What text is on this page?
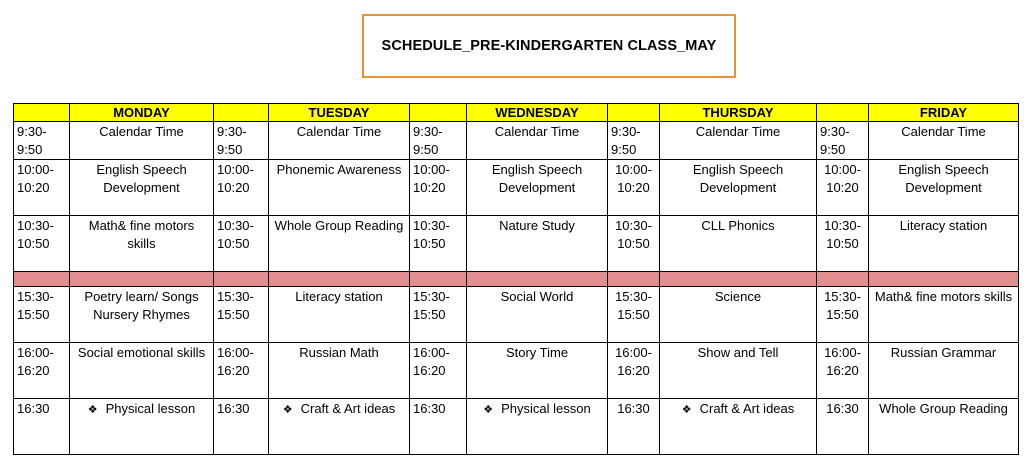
SCHEDULE_PRE-KINDERGARTEN CLASS_MAY
	MONDAY		TUESDAY		WEDNESDAY		THURSDAY		FRIDAY
9:30-9:50	Calendar Time	9:30-9:50	Calendar Time	9:30-9:50	Calendar Time	9:30-9:50	Calendar Time	9:30-9:50	Calendar Time
10:00-10:20	English Speech Development	10:00-10:20	Phonemic Awareness	10:00-10:20	English Speech Development	10:00-10:20	English Speech Development	10:00-10:20	English Speech Development
10:30-10:50	Math& fine motors skills	10:30-10:50	Whole Group Reading	10:30-10:50	Nature Study	10:30-10:50	CLL Phonics	10:30-10:50	Literacy station

15:30-15:50	Poetry learn/ Songs Nursery Rhymes	15:30-15:50	Literacy station	15:30-15:50	Social World	15:30-15:50	Science	15:30-15:50	Math& fine motors skills
16:00-16:20	Social emotional skills	16:00-16:20	Russian Math	16:00-16:20	Story Time	16:00-16:20	Show and Tell	16:00-16:20	Russian Grammar
16:30	❖ Physical lesson	16:30	❖ Craft & Art ideas	16:30	❖ Physical lesson	16:30	❖ Craft & Art ideas	16:30	Whole Group Reading
